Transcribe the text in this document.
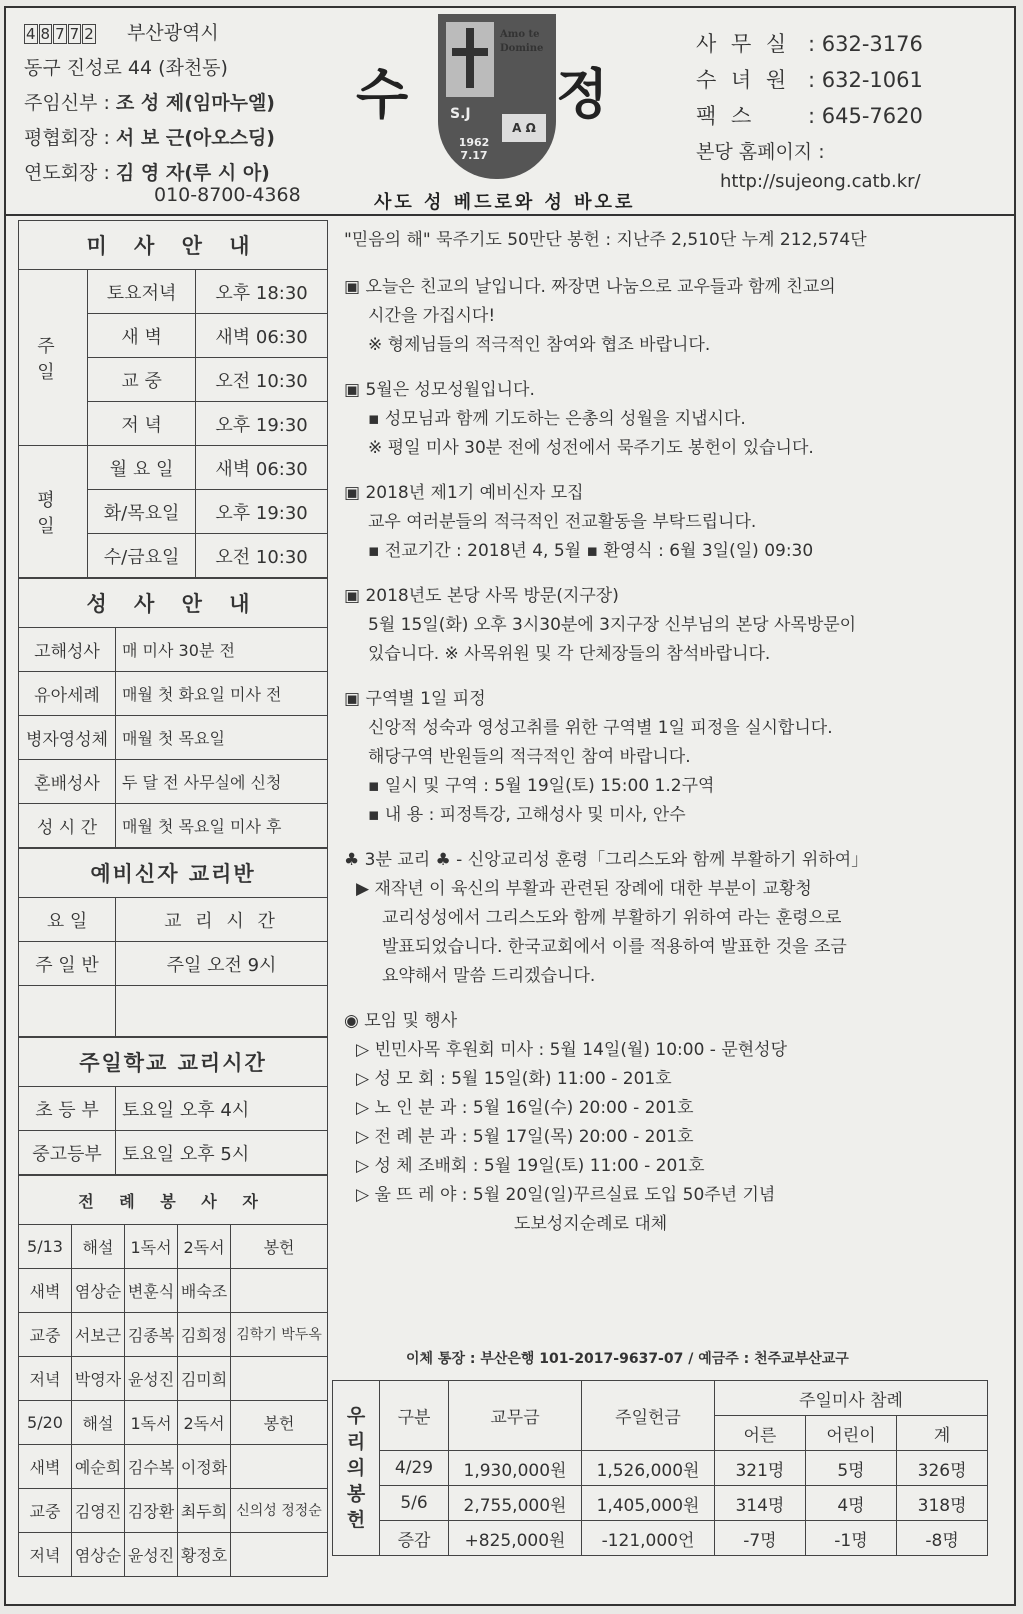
4 8 7 7 2 부산광역시
동구 진성로 44 (좌천동)
주임신부 : 조 성 제(임마누엘)
평협회장 : 서 보 근(아오스딩)
연도회장 : 김 영 자(루 시 아)
010-8700-4368
수
Amo te Domine
S.J
1962 7.17
A Ω
정
사도 성 베드로와 성 바오로
사 무 실 : 632-3176
수 녀 원 : 632-1061
팩 스	: 645-7620
본당 홈페이지 :
http://sujeong.catb.kr/
미 사 안 내		
주 일	토요저녁	오후 18:30
	새 벽	새벽 06:30
	교 중	오전 10:30
	저 녁	오후 19:30
평 일	월 요 일	새벽 06:30
	화/목요일	오후 19:30
	수/금요일	오전 10:30
성 사 안 내	
고해성사	매 미사 30분 전
유아세례	매월 첫 화요일 미사 전
병자영성체	매월 첫 목요일
혼배성사	두 달 전 사무실에 신청
성 시 간	매월 첫 목요일 미사 후
예비신자 교리반	
요 일	교 리 시 간
주 일 반	주일 오전 9시

주일학교 교리시간	
초 등 부	토요일 오후 4시
중고등부	토요일 오후 5시
전 례 봉 사 자				
5/13	해설	1독서	2독서	봉헌
새벽	염상순	변훈식	배숙조	
교중	서보근	김종복	김희정	김학기 박두옥
저녁	박영자	윤성진	김미희	
5/20	해설	1독서	2독서	봉헌
새벽	예순희	김수복	이정화	
교중	김영진	김장환	최두희	신의성 정정순
저녁	염상순	윤성진	황정호	

"믿음의 해" 묵주기도 50만단 봉헌 : 지난주 2,510단 누계 212,574단

▣ 오늘은 친교의 날입니다. 짜장면 나눔으로 교우들과 함께 친교의

시간을 가집시다!

※ 형제님들의 적극적인 참여와 협조 바랍니다.

▣ 5월은 성모성월입니다.

▪ 성모님과 함께 기도하는 은총의 성월을 지냅시다.

※ 평일 미사 30분 전에 성전에서 묵주기도 봉헌이 있습니다.

▣ 2018년 제1기 예비신자 모집

교우 여러분들의 적극적인 전교활동을 부탁드립니다.

▪ 전교기간 : 2018년 4, 5월 ▪ 환영식 : 6월 3일(일) 09:30

▣ 2018년도 본당 사목 방문(지구장)

5월 15일(화) 오후 3시30분에 3지구장 신부님의 본당 사목방문이

있습니다. ※ 사목위원 및 각 단체장들의 참석바랍니다.

▣ 구역별 1일 피정

신앙적 성숙과 영성고취를 위한 구역별 1일 피정을 실시합니다.

해당구역 반원들의 적극적인 참여 바랍니다.

▪ 일시 및 구역 : 5월 19일(토) 15:00 1.2구역

▪ 내 용 : 피정특강, 고해성사 및 미사, 안수

♣ 3분 교리 ♣ - 신앙교리성 훈령「그리스도와 함께 부활하기 위하여」

▶ 재작년 이 육신의 부활과 관련된 장례에 대한 부분이 교황청

교리성성에서 그리스도와 함께 부활하기 위하여 라는 훈령으로

발표되었습니다. 한국교회에서 이를 적용하여 발표한 것을 조금

요약해서 말씀 드리겠습니다.

◉ 모임 및 행사

▷ 빈민사목 후원회 미사 : 5월 14일(월) 10:00 - 문현성당

▷ 성 모 회 : 5월 15일(화) 11:00 - 201호

▷ 노 인 분 과 : 5월 16일(수) 20:00 - 201호

▷ 전 례 분 과 : 5월 17일(목) 20:00 - 201호

▷ 성 체 조배회 : 5월 19일(토) 11:00 - 201호

▷ 울 뜨 레 야 : 5월 20일(일)꾸르실료 도입 50주년 기념

도보성지순례로 대체

이체 통장 : 부산은행 101-2017-9637-07 / 예금주 : 천주교부산교구
우리의 봉헌	구분	교무금	주일헌금	주일미사 참례		
				어른	어린이	계
	4/29	1,930,000원	1,526,000원	321명	5명	326명
	5/6	2,755,000원	1,405,000원	314명	4명	318명
	증감	+825,000원	-121,000언	-7명	-1명	-8명
